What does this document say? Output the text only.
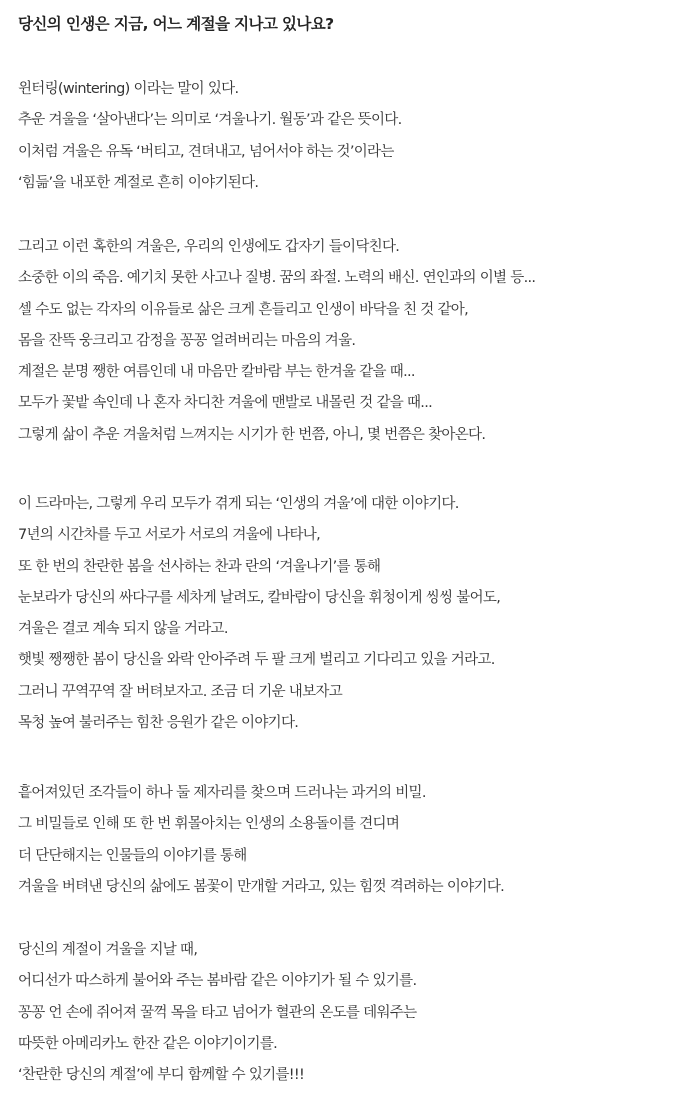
당신의 인생은 지금, 어느 계절을 지나고 있나요?

윈터링(wintering) 이라는 말이 있다.
추운 겨울을 ‘살아낸다’는 의미로 ‘겨울나기. 월동’과 같은 뜻이다.
이처럼 겨울은 유독 ‘버티고, 견뎌내고, 넘어서야 하는 것’이라는
‘힘듦’을 내포한 계절로 흔히 이야기된다.

그리고 이런 혹한의 겨울은, 우리의 인생에도 갑자기 들이닥친다.
소중한 이의 죽음. 예기치 못한 사고나 질병. 꿈의 좌절. 노력의 배신. 연인과의 이별 등...
셀 수도 없는 각자의 이유들로 삶은 크게 흔들리고 인생이 바닥을 친 것 같아,
몸을 잔뜩 웅크리고 감정을 꽁꽁 얼려버리는 마음의 겨울.
계절은 분명 쨍한 여름인데 내 마음만 칼바람 부는 한겨울 같을 때...
모두가 꽃밭 속인데 나 혼자 차디찬 겨울에 맨발로 내몰린 것 같을 때...
그렇게 삶이 추운 겨울처럼 느껴지는 시기가 한 번쯤, 아니, 몇 번쯤은 찾아온다.

이 드라마는, 그렇게 우리 모두가 겪게 되는 ‘인생의 겨울’에 대한 이야기다.
7년의 시간차를 두고 서로가 서로의 겨울에 나타나,
또 한 번의 찬란한 봄을 선사하는 찬과 란의 ‘겨울나기’를 통해
눈보라가 당신의 싸다구를 세차게 날려도, 칼바람이 당신을 휘청이게 씽씽 불어도,
겨울은 결코 계속 되지 않을 거라고.
햇빛 쨍쨍한 봄이 당신을 와락 안아주려 두 팔 크게 벌리고 기다리고 있을 거라고.
그러니 꾸역꾸역 잘 버텨보자고. 조금 더 기운 내보자고
목청 높여 불러주는 힘찬 응원가 같은 이야기다.

흩어져있던 조각들이 하나 둘 제자리를 찾으며 드러나는 과거의 비밀.
그 비밀들로 인해 또 한 번 휘몰아치는 인생의 소용돌이를 견디며
더 단단해지는 인물들의 이야기를 통해
겨울을 버텨낸 당신의 삶에도 봄꽃이 만개할 거라고, 있는 힘껏 격려하는 이야기다.

당신의 계절이 겨울을 지날 때,
어디선가 따스하게 불어와 주는 봄바람 같은 이야기가 될 수 있기를.
꽁꽁 언 손에 쥐어져 꿀꺽 목을 타고 넘어가 혈관의 온도를 데워주는
따뜻한 아메리카노 한잔 같은 이야기이기를.
‘찬란한 당신의 계절’에 부디 함께할 수 있기를!!!
